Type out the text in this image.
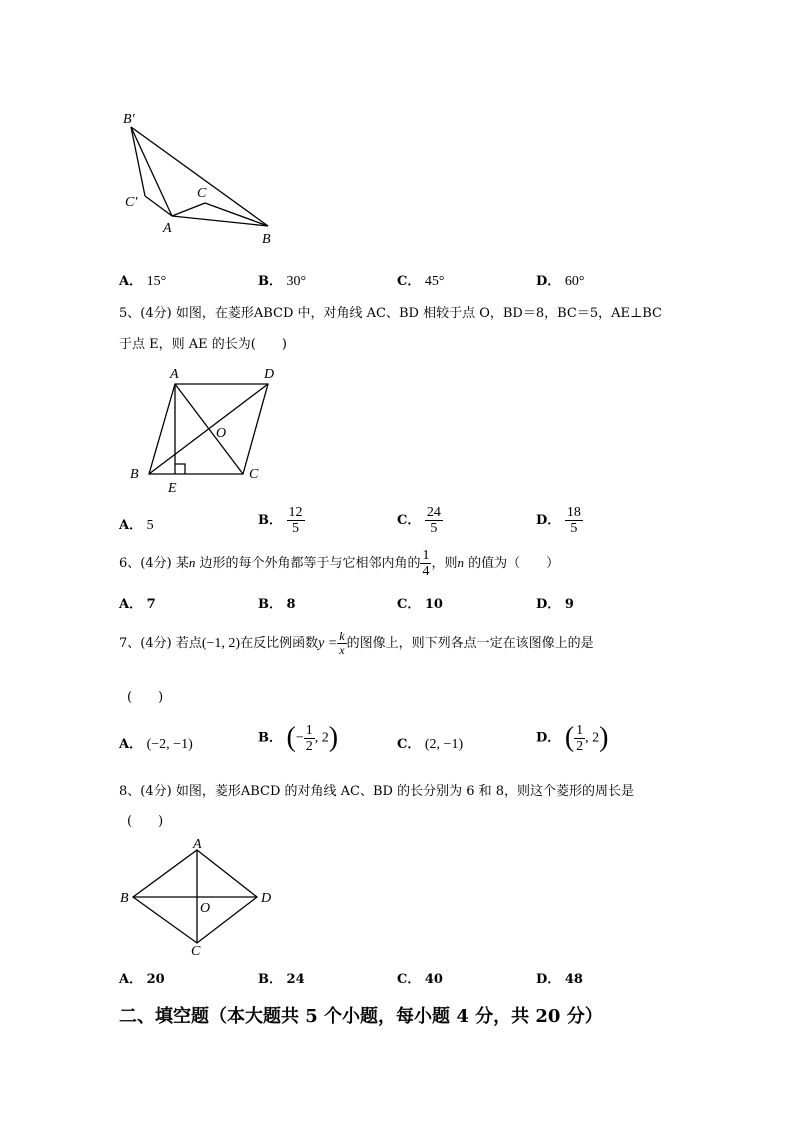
B′
C′
C
A
B
A． 15°	B． 30°	C． 45°	D． 60°
5、(4分) 如图，在菱形ABCD 中，对角线 AC、BD 相较于点 O，BD＝8，BC＝5，AE⊥BC
于点 E，则 AE 的长为(　　)
A	D
O
B	C
E
A． 5	B． $\frac{12}{5}$	C． $\frac{24}{5}$	D． $\frac{18}{5}$
6、(4分) 某n 边形的每个外角都等于与它相邻内角的 $\frac{1}{4}$ ，则n 的值为（　　）
A． 7	B． 8	C． 10	D． 9
7、(4分) 若点(−1, 2)在反比例函数$y = \frac{k}{x}$ 的图像上，则下列各点一定在该图像上的是
(　　)
A． (−2, −1)	B． (− $\frac{1}{2}$ , 2)	C． (2, −1)	D． ( $\frac{1}{2}$ , 2)
8、(4分) 如图，菱形ABCD 的对角线 AC、BD 的长分别为 6 和 8，则这个菱形的周长是
(　　)
A
B
O
D
C
A． 20	B． 24	C． 40	D． 48
二、填空题（本大题共 5 个小题，每小题 4 分，共 20 分）
